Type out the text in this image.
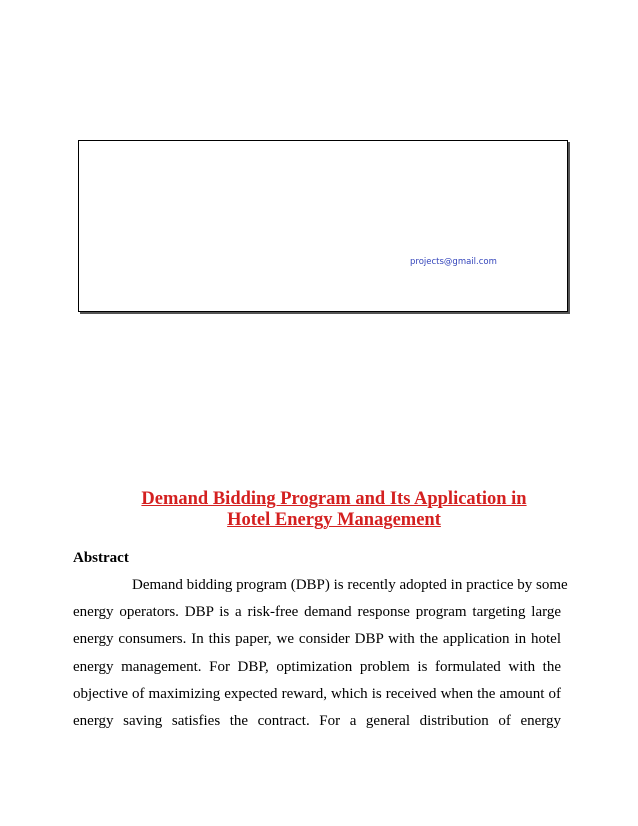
projects@gmail.com
Demand Bidding Program and Its Application in
Hotel Energy Management
Abstract
Demand bidding program (DBP) is recently adopted in practice by some
energy operators. DBP is a risk-free demand response program targeting large
energy consumers. In this paper, we consider DBP with the application in hotel
energy management. For DBP, optimization problem is formulated with the
objective of maximizing expected reward, which is received when the amount of
energy saving satisfies the contract. For a general distribution of energy
